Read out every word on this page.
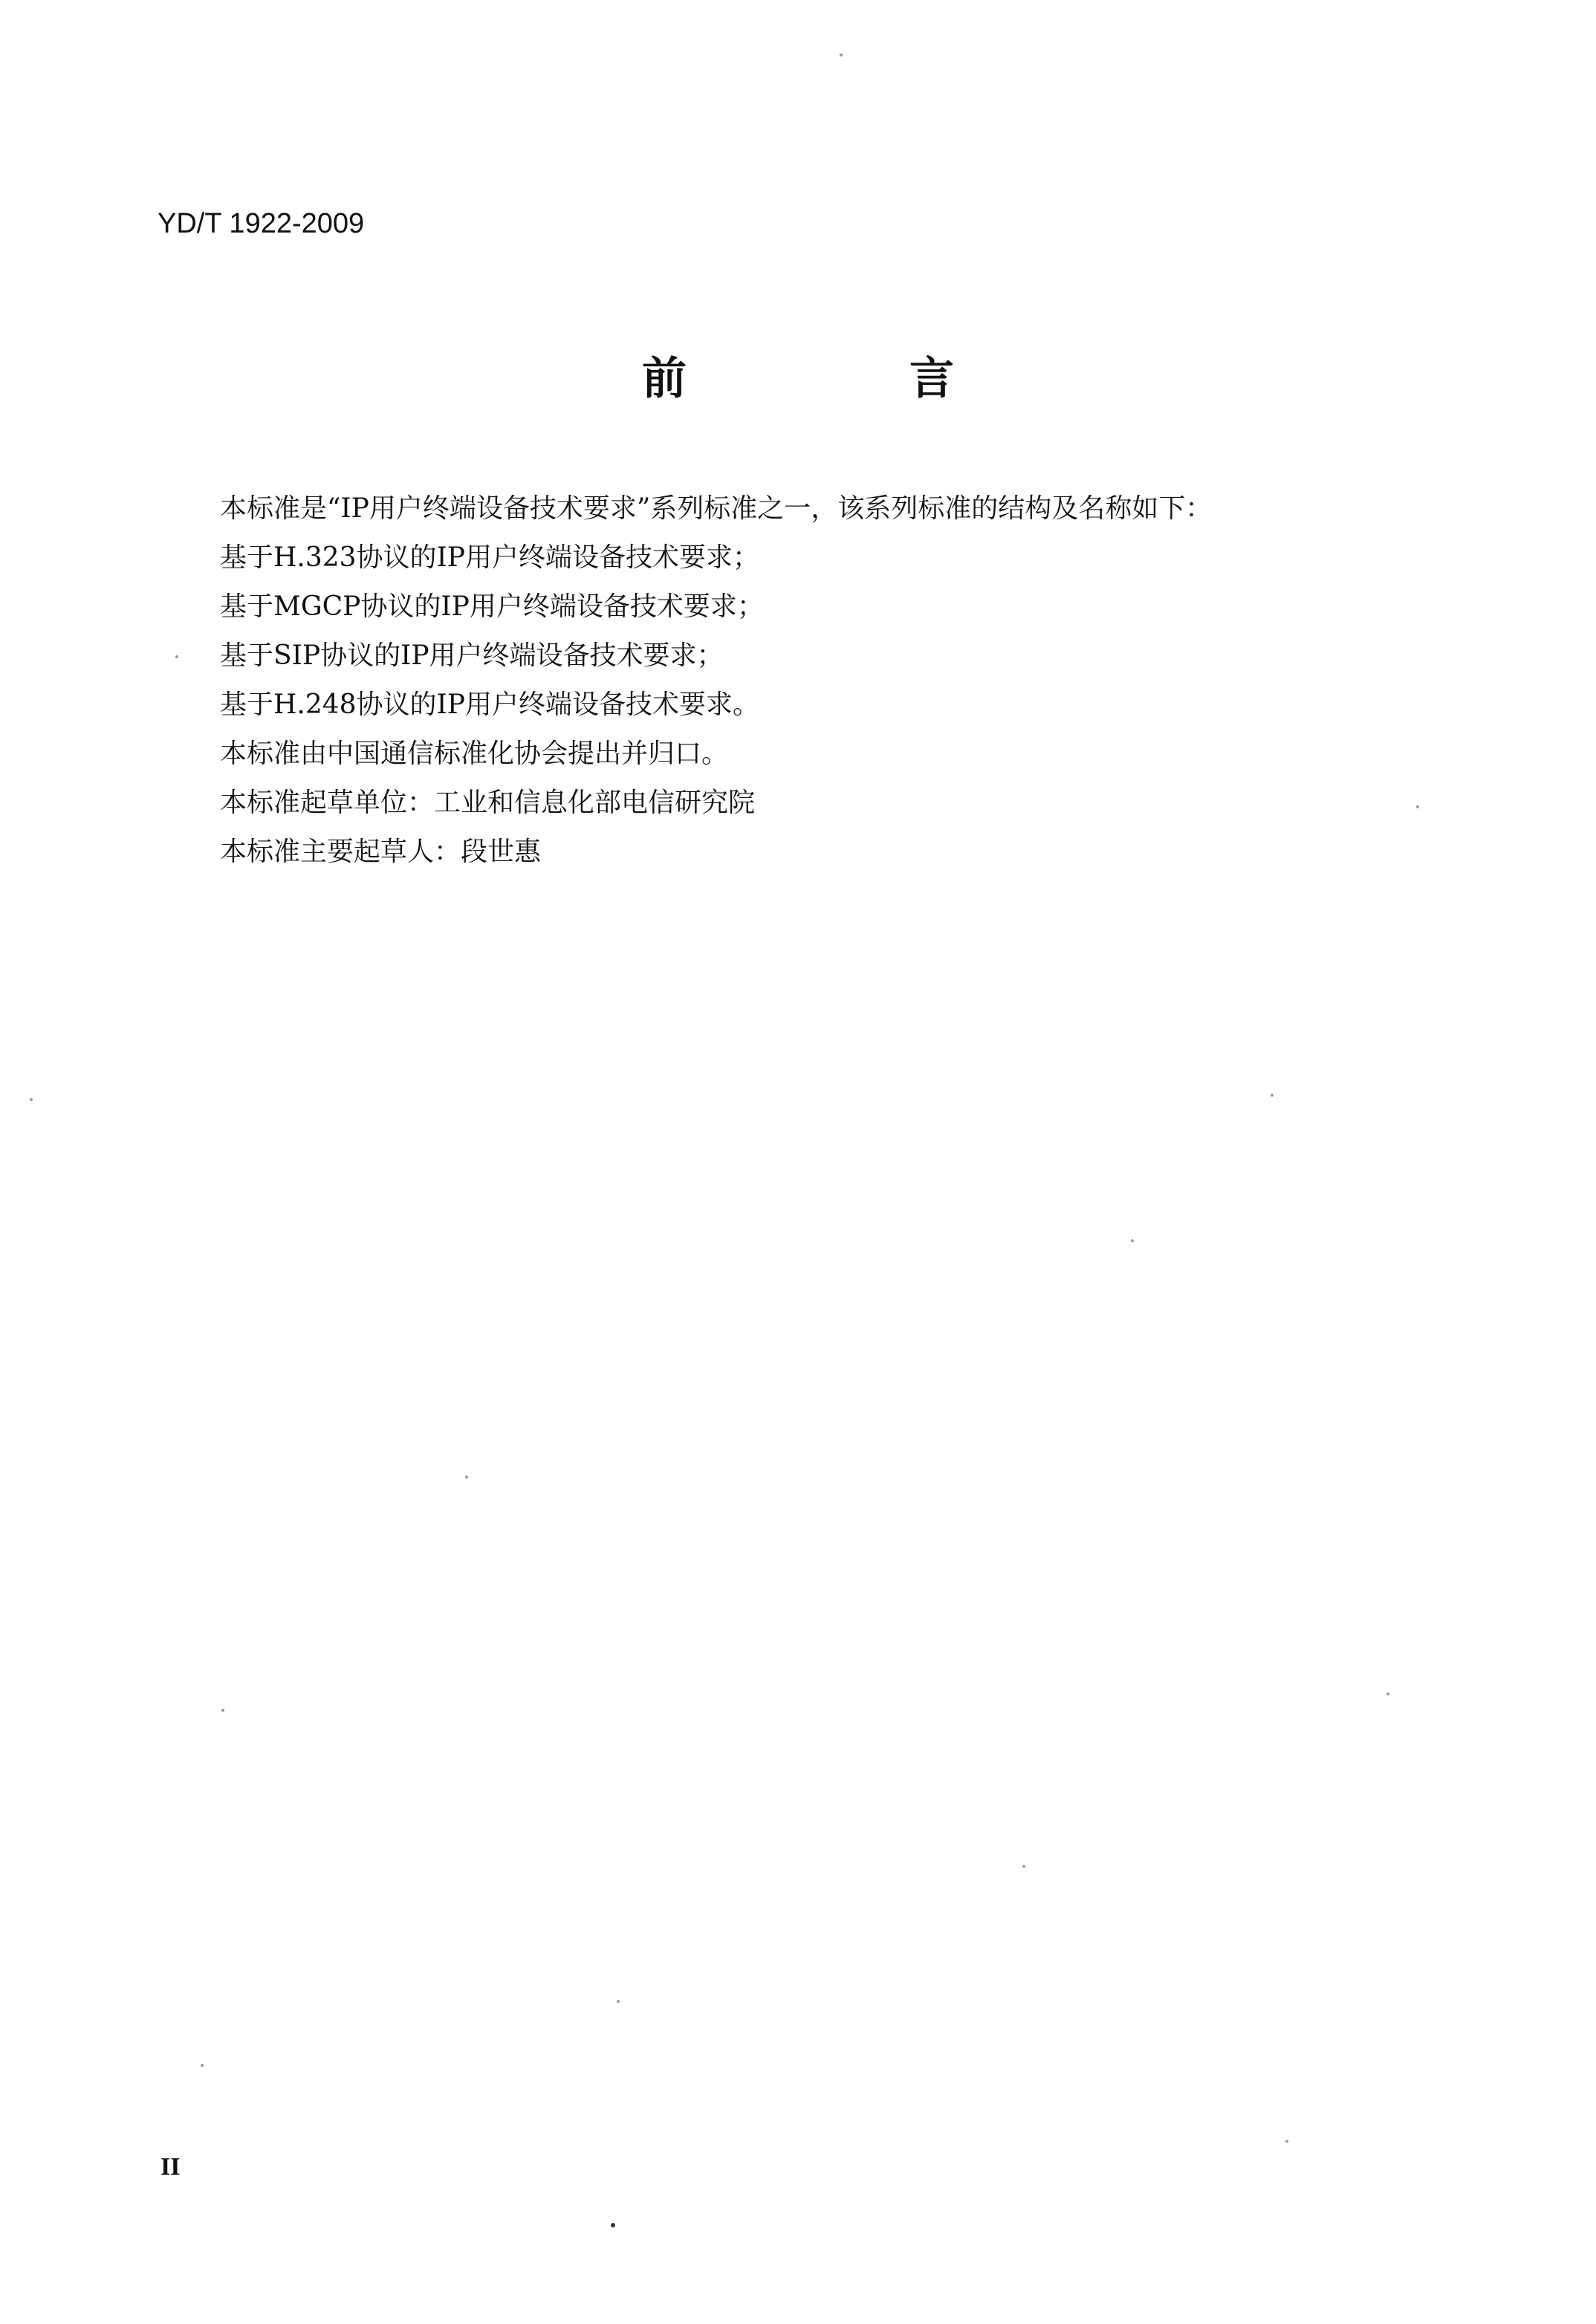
YD/T 1922-2009
前　言

本标准是“IP用户终端设备技术要求”系列标准之一，该系列标准的结构及名称如下：

基于H.323协议的IP用户终端设备技术要求；

基于MGCP协议的IP用户终端设备技术要求；

基于SIP协议的IP用户终端设备技术要求；

基于H.248协议的IP用户终端设备技术要求。

本标准由中国通信标准化协会提出并归口。

本标准起草单位：工业和信息化部电信研究院

本标准主要起草人：段世惠

II
